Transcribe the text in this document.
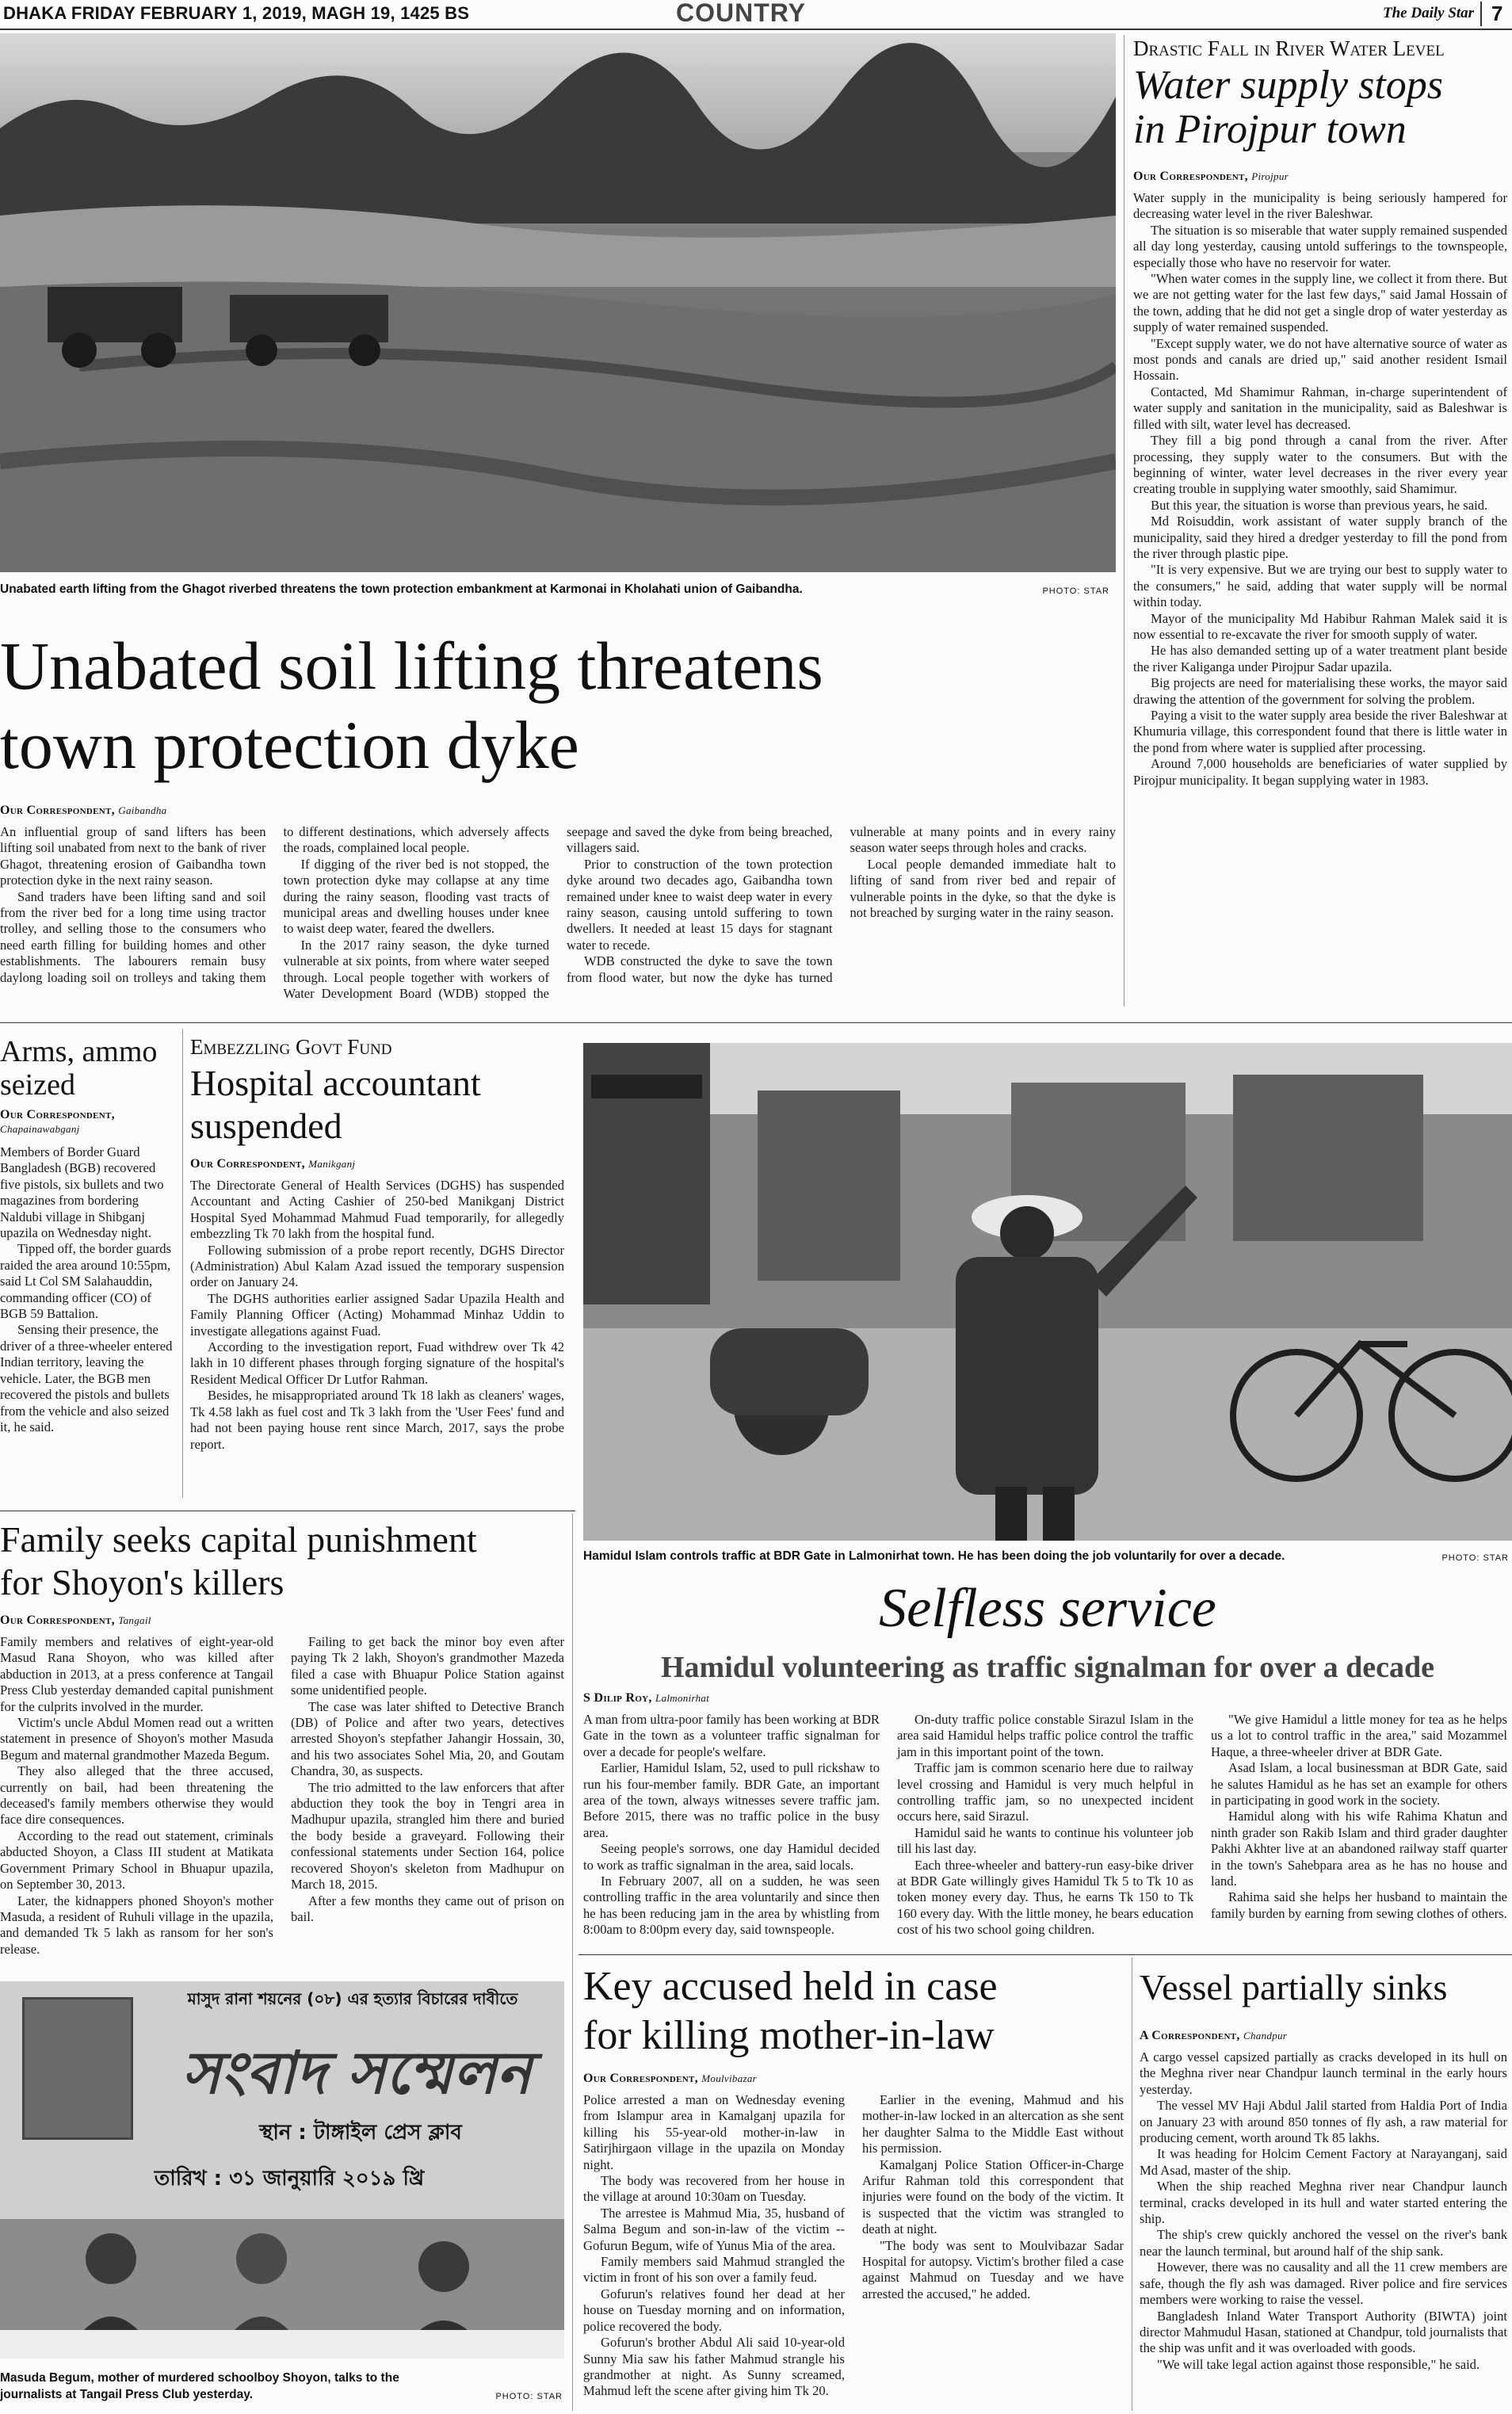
DHAKA FRIDAY FEBRUARY 1, 2019, MAGH 19, 1425 BS	COUNTRY	The Daily Star 7
Unabated earth lifting from the Ghagot riverbed threatens the town protection embankment at Karmonai in Kholahati union of Gaibandha.	PHOTO: STAR
Unabated soil lifting threatens
town protection dyke
Our Correspondent, Gaibandha

An influential group of sand lifters has been lifting soil unabated from next to the bank of river Ghagot, threatening erosion of Gaibandha town protection dyke in the next rainy season.

Sand traders have been lifting sand and soil from the river bed for a long time using tractor trolley, and selling those to the consumers who need earth filling for building homes and other establishments. The labourers remain busy daylong loading soil on trolleys and taking them to different destinations, which adversely affects the roads, complained local people.

If digging of the river bed is not stopped, the town protection dyke may collapse at any time during the rainy season, flooding vast tracts of municipal areas and dwelling houses under knee to waist deep water, feared the dwellers.

In the 2017 rainy season, the dyke turned vulnerable at six points, from where water seeped through. Local people together with workers of Water Development Board (WDB) stopped the seepage and saved the dyke from being breached, villagers said.

Prior to construction of the town protection dyke around two decades ago, Gaibandha town remained under knee to waist deep water in every rainy season, causing untold suffering to town dwellers. It needed at least 15 days for stagnant water to recede.

WDB constructed the dyke to save the town from flood water, but now the dyke has turned vulnerable at many points and in every rainy season water seeps through holes and cracks.

Local people demanded immediate halt to lifting of sand from river bed and repair of vulnerable points in the dyke, so that the dyke is not breached by surging water in the rainy season.

Drastic Fall in River Water Level
Water supply stops
in Pirojpur town
Our Correspondent, Pirojpur

Water supply in the municipality is being seriously hampered for decreasing water level in the river Baleshwar.

The situation is so miserable that water supply remained suspended all day long yesterday, causing untold sufferings to the townspeople, especially those who have no reservoir for water.

"When water comes in the supply line, we collect it from there. But we are not getting water for the last few days," said Jamal Hossain of the town, adding that he did not get a single drop of water yesterday as supply of water remained suspended.

"Except supply water, we do not have alternative source of water as most ponds and canals are dried up," said another resident Ismail Hossain.

Contacted, Md Shamimur Rahman, in-charge superintendent of water supply and sanitation in the municipality, said as Baleshwar is filled with silt, water level has decreased.

They fill a big pond through a canal from the river. After processing, they supply water to the consumers. But with the beginning of winter, water level decreases in the river every year creating trouble in supplying water smoothly, said Shamimur.

But this year, the situation is worse than previous years, he said.

Md Roisuddin, work assistant of water supply branch of the municipality, said they hired a dredger yesterday to fill the pond from the river through plastic pipe.

"It is very expensive. But we are trying our best to supply water to the consumers," he said, adding that water supply will be normal within today.

Mayor of the municipality Md Habibur Rahman Malek said it is now essential to re-excavate the river for smooth supply of water.

He has also demanded setting up of a water treatment plant beside the river Kaliganga under Pirojpur Sadar upazila.

Big projects are need for materialising these works, the mayor said drawing the attention of the government for solving the problem.

Paying a visit to the water supply area beside the river Baleshwar at Khumuria village, this correspondent found that there is little water in the pond from where water is supplied after processing.

Around 7,000 households are beneficiaries of water supplied by Pirojpur municipality. It began supplying water in 1983.

Arms, ammo
seized
Our Correspondent,
Chapainawabganj

Members of Border Guard Bangladesh (BGB) recovered five pistols, six bullets and two magazines from bordering Naldubi village in Shibganj upazila on Wednesday night.

Tipped off, the border guards raided the area around 10:55pm, said Lt Col SM Salahauddin, commanding officer (CO) of BGB 59 Battalion.

Sensing their presence, the driver of a three-wheeler entered Indian territory, leaving the vehicle. Later, the BGB men recovered the pistols and bullets from the vehicle and also seized it, he said.

Embezzling Govt Fund
Hospital accountant
suspended
Our Correspondent, Manikganj

The Directorate General of Health Services (DGHS) has suspended Accountant and Acting Cashier of 250-bed Manikganj District Hospital Syed Mohammad Mahmud Fuad temporarily, for allegedly embezzling Tk 70 lakh from the hospital fund.

Following submission of a probe report recently, DGHS Director (Administration) Abul Kalam Azad issued the temporary suspension order on January 24.

The DGHS authorities earlier assigned Sadar Upazila Health and Family Planning Officer (Acting) Mohammad Minhaz Uddin to investigate allegations against Fuad.

According to the investigation report, Fuad withdrew over Tk 42 lakh in 10 different phases through forging signature of the hospital's Resident Medical Officer Dr Lutfor Rahman.

Besides, he misappropriated around Tk 18 lakh as cleaners' wages, Tk 4.58 lakh as fuel cost and Tk 3 lakh from the 'User Fees' fund and had not been paying house rent since March, 2017, says the probe report.

Hamidul Islam controls traffic at BDR Gate in Lalmonirhat town. He has been doing the job voluntarily for over a decade.	PHOTO: STAR
Family seeks capital punishment
for Shoyon's killers
Our Correspondent, Tangail

Family members and relatives of eight-year-old Masud Rana Shoyon, who was killed after abduction in 2013, at a press conference at Tangail Press Club yesterday demanded capital punishment for the culprits involved in the murder.

Victim's uncle Abdul Momen read out a written statement in presence of Shoyon's mother Masuda Begum and maternal grandmother Mazeda Begum.

They also alleged that the three accused, currently on bail, had been threatening the deceased's family members otherwise they would face dire consequences.

According to the read out statement, criminals abducted Shoyon, a Class III student at Matikata Government Primary School in Bhuapur upazila, on September 30, 2013.

Later, the kidnappers phoned Shoyon's mother Masuda, a resident of Ruhuli village in the upazila, and demanded Tk 5 lakh as ransom for her son's release.

Failing to get back the minor boy even after paying Tk 2 lakh, Shoyon's grandmother Mazeda filed a case with Bhuapur Police Station against some unidentified people.

The case was later shifted to Detective Branch (DB) of Police and after two years, detectives arrested Shoyon's stepfather Jahangir Hossain, 30, and his two associates Sohel Mia, 20, and Goutam Chandra, 30, as suspects.

The trio admitted to the law enforcers that after abduction they took the boy in Tengri area in Madhupur upazila, strangled him there and buried the body beside a graveyard. Following their confessional statements under Section 164, police recovered Shoyon's skeleton from Madhupur on March 18, 2015.

After a few months they came out of prison on bail.

মাসুদ রানা শয়নের (০৮) এর হত্যার বিচারের দাবীতে
সংবাদ সম্মেলন
স্থান : টাঙ্গাইল প্রেস ক্লাব
তারিখ : ৩১ জানুয়ারি ২০১৯ খ্রি
Masuda Begum, mother of murdered schoolboy Shoyon, talks to the journalists at Tangail Press Club yesterday.	PHOTO: STAR
Selfless service
Hamidul volunteering as traffic signalman for over a decade
S Dilip Roy, Lalmonirhat

A man from ultra-poor family has been working at BDR Gate in the town as a volunteer traffic signalman for over a decade for people's welfare.

Earlier, Hamidul Islam, 52, used to pull rickshaw to run his four-member family. BDR Gate, an important area of the town, always witnesses severe traffic jam. Before 2015, there was no traffic police in the busy area.

Seeing people's sorrows, one day Hamidul decided to work as traffic signalman in the area, said locals.

In February 2007, all on a sudden, he was seen controlling traffic in the area voluntarily and since then he has been reducing jam in the area by whistling from 8:00am to 8:00pm every day, said townspeople.

On-duty traffic police constable Sirazul Islam in the area said Hamidul helps traffic police control the traffic jam in this important point of the town.

Traffic jam is common scenario here due to railway level crossing and Hamidul is very much helpful in controlling traffic jam, so no unexpected incident occurs here, said Sirazul.

Hamidul said he wants to continue his volunteer job till his last day.

Each three-wheeler and battery-run easy-bike driver at BDR Gate willingly gives Hamidul Tk 5 to Tk 10 as token money every day. Thus, he earns Tk 150 to Tk 160 every day. With the little money, he bears education cost of his two school going children.

"We give Hamidul a little money for tea as he helps us a lot to control traffic in the area," said Mozammel Haque, a three-wheeler driver at BDR Gate.

Asad Islam, a local businessman at BDR Gate, said he salutes Hamidul as he has set an example for others in participating in good work in the society.

Hamidul along with his wife Rahima Khatun and ninth grader son Rakib Islam and third grader daughter Pakhi Akhter live at an abandoned railway staff quarter in the town's Sahebpara area as he has no house and land.

Rahima said she helps her husband to maintain the family burden by earning from sewing clothes of others.

Key accused held in case
for killing mother-in-law
Our Correspondent, Moulvibazar

Police arrested a man on Wednesday evening from Islampur area in Kamalganj upazila for killing his 55-year-old mother-in-law in Satirjhirgaon village in the upazila on Monday night.

The body was recovered from her house in the village at around 10:30am on Tuesday.

The arrestee is Mahmud Mia, 35, husband of Salma Begum and son-in-law of the victim -- Gofurun Begum, wife of Yunus Mia of the area.

Family members said Mahmud strangled the victim in front of his son over a family feud.

Gofurun's relatives found her dead at her house on Tuesday morning and on information, police recovered the body.

Gofurun's brother Abdul Ali said 10-year-old Sunny Mia saw his father Mahmud strangle his grandmother at night. As Sunny screamed, Mahmud left the scene after giving him Tk 20.

Earlier in the evening, Mahmud and his mother-in-law locked in an altercation as she sent her daughter Salma to the Middle East without his permission.

Kamalganj Police Station Officer-in-Charge Arifur Rahman told this correspondent that injuries were found on the body of the victim. It is suspected that the victim was strangled to death at night.

"The body was sent to Moulvibazar Sadar Hospital for autopsy. Victim's brother filed a case against Mahmud on Tuesday and we have arrested the accused," he added.

Vessel partially sinks
A Correspondent, Chandpur

A cargo vessel capsized partially as cracks developed in its hull on the Meghna river near Chandpur launch terminal in the early hours yesterday.

The vessel MV Haji Abdul Jalil started from Haldia Port of India on January 23 with around 850 tonnes of fly ash, a raw material for producing cement, worth around Tk 85 lakhs.

It was heading for Holcim Cement Factory at Narayanganj, said Md Asad, master of the ship.

When the ship reached Meghna river near Chandpur launch terminal, cracks developed in its hull and water started entering the ship.

The ship's crew quickly anchored the vessel on the river's bank near the launch terminal, but around half of the ship sank.

However, there was no causality and all the 11 crew members are safe, though the fly ash was damaged. River police and fire services members were working to raise the vessel.

Bangladesh Inland Water Transport Authority (BIWTA) joint director Mahmudul Hasan, stationed at Chandpur, told journalists that the ship was unfit and it was overloaded with goods.

"We will take legal action against those responsible," he said.
